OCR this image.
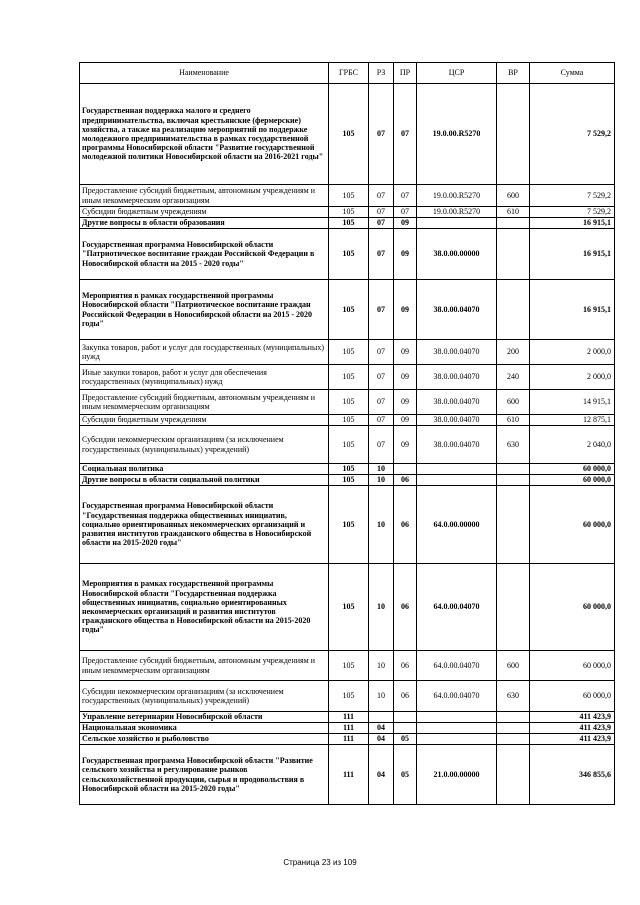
Наименование	ГРБС	РЗ	ПР	ЦСР	ВР	Сумма
Государственная поддержка малого и среднего предпринимательства, включая крестьянские (фермерские) хозяйства, а также на реализацию мероприятий по поддержке молодежного предпринимательства в рамках государственной программы Новосибирской области "Развитие государственной молодежной политики Новосибирской области на 2016-2021 годы"	105	07	07	19.0.00.R5270		7 529,2
Предоставление субсидий бюджетным, автономным учреждениям и иным некоммерческим организациям	105	07	07	19.0.00.R5270	600	7 529,2
Субсидии бюджетным учреждениям	105	07	07	19.0.00.R5270	610	7 529,2
Другие вопросы в области образования	105	07	09			16 915,1
Государственная программа Новосибирской области "Патриотическое воспитание граждан Российской Федерации в Новосибирской области на 2015 - 2020 годы"	105	07	09	38.0.00.00000		16 915,1
Мероприятия в рамках государственной программы Новосибирской области "Патриотическое воспитание граждан Российской Федерации в Новосибирской области на 2015 - 2020 годы"	105	07	09	38.0.00.04070		16 915,1
Закупка товаров, работ и услуг для государственных (муниципальных) нужд	105	07	09	38.0.00.04070	200	2 000,0
Иные закупки товаров, работ и услуг для обеспечения государственных (муниципальных) нужд	105	07	09	38.0.00.04070	240	2 000,0
Предоставление субсидий бюджетным, автономным учреждениям и иным некоммерческим организациям	105	07	09	38.0.00.04070	600	14 915,1
Субсидии бюджетным учреждениям	105	07	09	38.0.00.04070	610	12 875,1
Субсидии некоммерческим организациям (за исключением государственных (муниципальных) учреждений)	105	07	09	38.0.00.04070	630	2 040,0
Социальная политика	105	10				60 000,0
Другие вопросы в области социальной политики	105	10	06			60 000,0
Государственная программа Новосибирской области "Государственная поддержка общественных инициатив, социально ориентированных некоммерческих организаций и развития институтов гражданского общества в Новосибирской области на 2015-2020 годы"	105	10	06	64.0.00.00000		60 000,0
Мероприятия в рамках государственной программы Новосибирской области "Государственная поддержка общественных инициатив, социально ориентированных некоммерческих организаций и развития институтов гражданского общества в Новосибирской области на 2015-2020 годы"	105	10	06	64.0.00.04070		60 000,0
Предоставление субсидий бюджетным, автономным учреждениям и иным некоммерческим организациям	105	10	06	64.0.00.04070	600	60 000,0
Субсидии некоммерческим организациям (за исключением государственных (муниципальных) учреждений)	105	10	06	64.0.00.04070	630	60 000,0
Управление ветеринарии Новосибирской области	111					411 423,9
Национальная экономика	111	04				411 423,9
Сельское хозяйство и рыболовство	111	04	05			411 423,9
Государственная программа Новосибирской области "Развитие сельского хозяйства и регулирование рынков сельскохозяйственной продукции, сырья и продовольствия в Новосибирской области на 2015-2020 годы"	111	04	05	21.0.00.00000		346 855,6
Страница 23 из 109
